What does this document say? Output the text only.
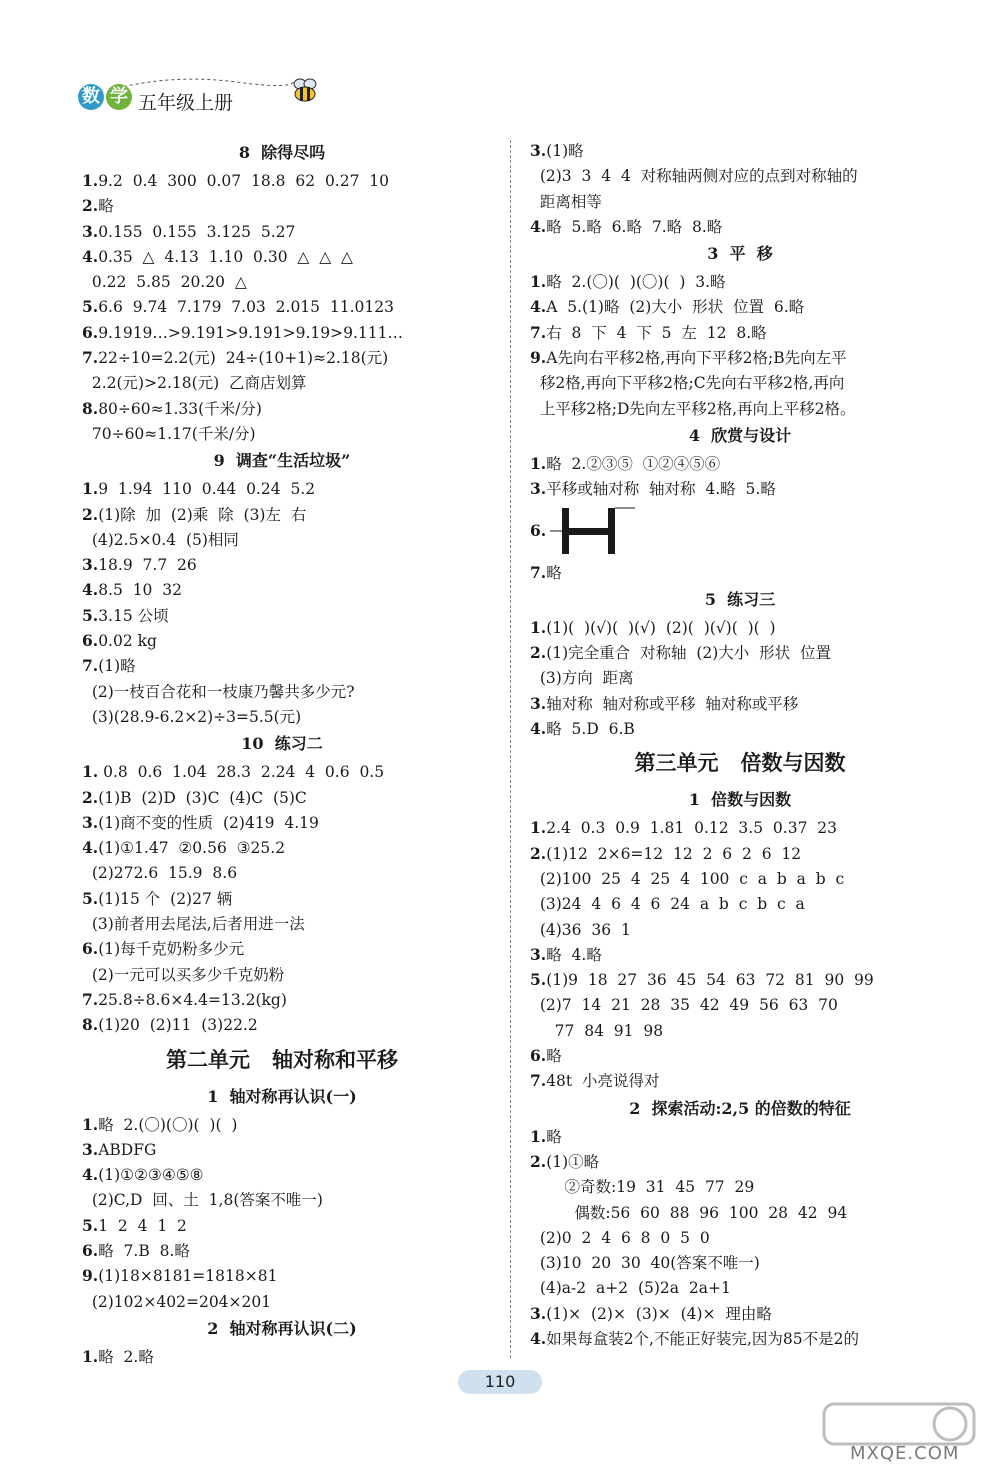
数 学 五年级上册
8  除得尽吗
1.9.2  0.4  300  0.07  18.8  62  0.27  10
2.略
3.0.155  0.155  3.125  5.27
4.0.35  △  4.13  1.10  0.30  △  △  △
0.22  5.85  20.20  △
5.6.6  9.74  7.179  7.03  2.015  11.0123
6.9.1919…>9.191>9.191>9.19>9.111…
7.22÷10=2.2(元)  24÷(10+1)≈2.18(元)
2.2(元)>2.18(元)  乙商店划算
8.80÷60≈1.33(千米/分)
70÷60≈1.17(千米/分)
9  调查“生活垃圾”
1.9  1.94  110  0.44  0.24  5.2
2.(1)除  加  (2)乘  除  (3)左  右
(4)2.5×0.4  (5)相同
3.18.9  7.7  26
4.8.5  10  32
5.3.15 公顷
6.0.02 kg
7.(1)略
(2)一枝百合花和一枝康乃馨共多少元?
(3)(28.9-6.2×2)÷3=5.5(元)
10  练习二
1. 0.8  0.6  1.04  28.3  2.24  4  0.6  0.5
2.(1)B  (2)D  (3)C  (4)C  (5)C
3.(1)商不变的性质  (2)419  4.19
4.(1)①1.47  ②0.56  ③25.2
(2)272.6  15.9  8.6
5.(1)15 个  (2)27 辆
(3)前者用去尾法,后者用进一法
6.(1)每千克奶粉多少元
(2)一元可以买多少千克奶粉
7.25.8÷8.6×4.4=13.2(kg)
8.(1)20  (2)11  (3)22.2
第二单元   轴对称和平移
1  轴对称再认识(一)
1.略  2.(〇)(〇)(  )(  )
3.ABDFG
4.(1)①②③④⑤⑧
(2)C,D  回、土  1,8(答案不唯一)
5.1  2  4  1  2
6.略  7.B  8.略
9.(1)18×8181=1818×81
(2)102×402=204×201
2  轴对称再认识(二)
1.略  2.略
3.(1)略
(2)3  3  4  4  对称轴两侧对应的点到对称轴的
距离相等
4.略  5.略  6.略  7.略  8.略
3  平  移
1.略  2.(〇)(  )(〇)(  )  3.略
4.A  5.(1)略  (2)大小  形状  位置  6.略
7.右  8  下  4  下  5  左  12  8.略
9.A先向右平移2格,再向下平移2格;B先向左平
移2格,再向下平移2格;C先向右平移2格,再向
上平移2格;D先向左平移2格,再向上平移2格。
4  欣赏与设计
1.略  2.②③⑤  ①②④⑤⑥
3.平移或轴对称  轴对称  4.略  5.略
6.
7.略
5  练习三
1.(1)(  )(√)(  )(√)  (2)(  )(√)(  )(  )
2.(1)完全重合  对称轴  (2)大小  形状  位置
(3)方向  距离
3.轴对称  轴对称或平移  轴对称或平移
4.略  5.D  6.B
第三单元   倍数与因数
1  倍数与因数
1.2.4  0.3  0.9  1.81  0.12  3.5  0.37  23
2.(1)12  2×6=12  12  2  6  2  6  12
(2)100  25  4  25  4  100  c  a  b  a  b  c
(3)24  4  6  4  6  24  a  b  c  b  c  a
(4)36  36  1
3.略  4.略
5.(1)9  18  27  36  45  54  63  72  81  90  99
(2)7  14  21  28  35  42  49  56  63  70
77  84  91  98
6.略
7.48t  小亮说得对
2  探索活动:2,5 的倍数的特征
1.略
2.(1)①略
②奇数:19  31  45  77  29
偶数:56  60  88  96  100  28  42  94
(2)0  2  4  6  8  0  5  0
(3)10  20  30  40(答案不唯一)
(4)a-2  a+2  (5)2a  2a+1
3.(1)×  (2)×  (3)×  (4)×  理由略
4.如果每盒装2个,不能正好装完,因为85不是2的
110
MXQE.COM
